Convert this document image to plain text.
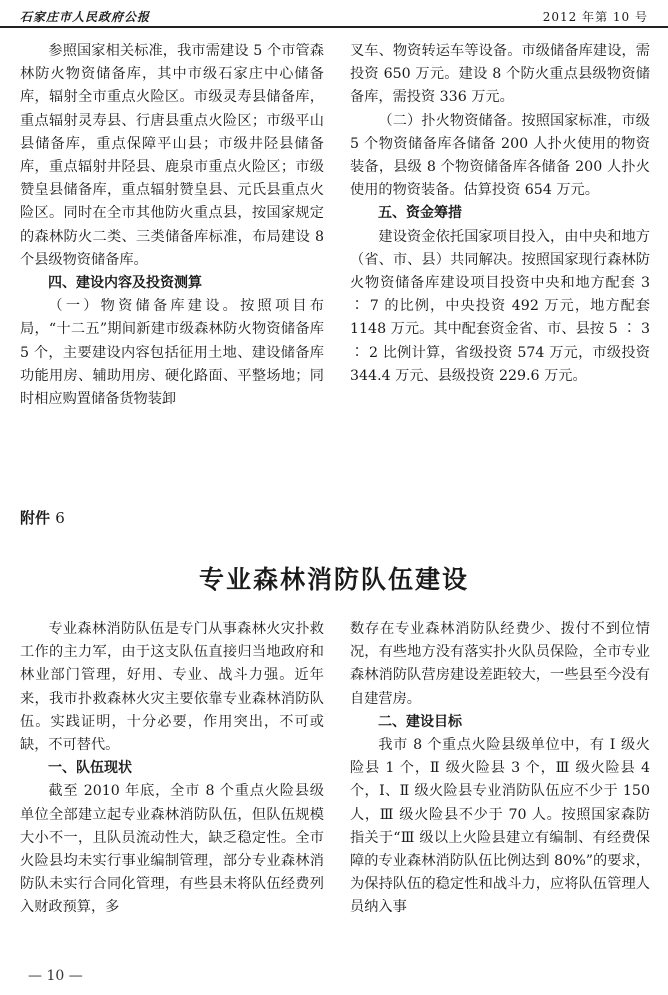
石家庄市人民政府公报	2012 年第 10 号

参照国家相关标准，我市需建设 5 个市管森林防火物资储备库，其中市级石家庄中心储备库，辐射全市重点火险区。市级灵寿县储备库，重点辐射灵寿县、行唐县重点火险区；市级平山县储备库，重点保障平山县；市级井陉县储备库，重点辐射井陉县、鹿泉市重点火险区；市级赞皇县储备库，重点辐射赞皇县、元氏县重点火险区。同时在全市其他防火重点县，按国家规定的森林防火二类、三类储备库标准，布局建设 8 个县级物资储备库。

四、建设内容及投资测算

（一）物资储备库建设。按照项目布局，“十二五”期间新建市级森林防火物资储备库 5 个，主要建设内容包括征用土地、建设储备库功能用房、辅助用房、硬化路面、平整场地；同时相应购置储备货物装卸

叉车、物资转运车等设备。市级储备库建设，需投资 650 万元。建设 8 个防火重点县级物资储备库，需投资 336 万元。

（二）扑火物资储备。按照国家标准，市级 5 个物资储备库各储备 200 人扑火使用的物资装备，县级 8 个物资储备库各储备 200 人扑火使用的物资装备。估算投资 654 万元。

五、资金筹措

建设资金依托国家项目投入，由中央和地方（省、市、县）共同解决。按照国家现行森林防火物资储备库建设项目投资中央和地方配套 3 ∶ 7 的比例，中央投资 492 万元，地方配套 1148 万元。其中配套资金省、市、县按 5 ∶ 3 ∶ 2 比例计算，省级投资 574 万元，市级投资 344.4 万元、县级投资 229.6 万元。

附件 6
专业森林消防队伍建设

专业森林消防队伍是专门从事森林火灾扑救工作的主力军，由于这支队伍直接归当地政府和林业部门管理，好用、专业、战斗力强。近年来，我市扑救森林火灾主要依靠专业森林消防队伍。实践证明，十分必要，作用突出，不可或缺，不可替代。

一、队伍现状

截至 2010 年底，全市 8 个重点火险县级单位全部建立起专业森林消防队伍，但队伍规模大小不一，且队员流动性大，缺乏稳定性。全市火险县均未实行事业编制管理，部分专业森林消防队未实行合同化管理，有些县未将队伍经费列入财政预算，多

数存在专业森林消防队经费少、拨付不到位情况，有些地方没有落实扑火队员保险，全市专业森林消防队营房建设差距较大，一些县至今没有自建营房。

二、建设目标

我市 8 个重点火险县级单位中，有 Ⅰ 级火险县 1 个，Ⅱ 级火险县 3 个，Ⅲ 级火险县 4 个，Ⅰ、Ⅱ 级火险县专业消防队伍应不少于 150 人，Ⅲ 级火险县不少于 70 人。按照国家森防指关于“Ⅲ 级以上火险县建立有编制、有经费保障的专业森林消防队伍比例达到 80%”的要求，为保持队伍的稳定性和战斗力，应将队伍管理人员纳入事

— 10 —
